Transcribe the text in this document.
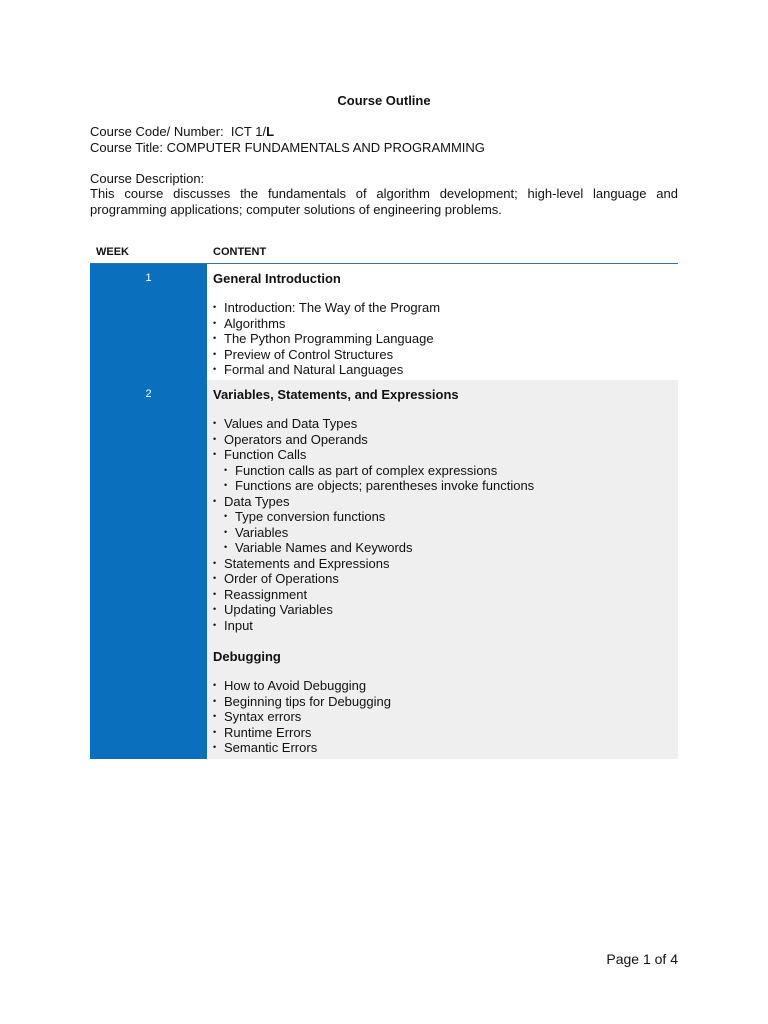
Course Outline
Course Code/ Number: ICT 1/L
Course Title: COMPUTER FUNDAMENTALS AND PROGRAMMING
Course Description:
This course discusses the fundamentals of algorithm development; high-level language and
programming applications; computer solutions of engineering problems.
WEEK	CONTENT
1	General Introduction
• Introduction: The Way of the Program
• Algorithms
• The Python Programming Language
• Preview of Control Structures
• Formal and Natural Languages
2	Variables, Statements, and Expressions
• Values and Data Types
• Operators and Operands
• Function Calls
• Function calls as part of complex expressions
• Functions are objects; parentheses invoke functions
• Data Types
• Type conversion functions
• Variables
• Variable Names and Keywords
• Statements and Expressions
• Order of Operations
• Reassignment
• Updating Variables
• Input
Debugging
• How to Avoid Debugging
• Beginning tips for Debugging
• Syntax errors
• Runtime Errors
• Semantic Errors
Page 1 of 4
